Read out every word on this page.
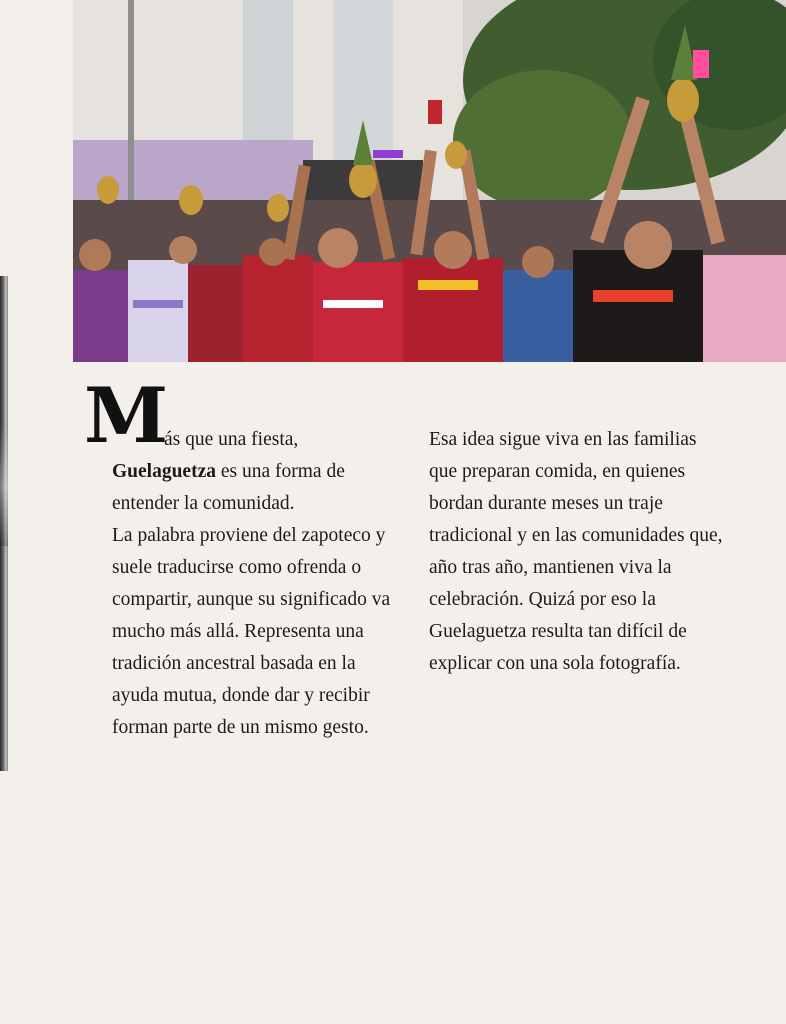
M

ás que una fiesta,
Guelaguetza es una forma de entender la comunidad.

La palabra proviene del zapoteco y suele traducirse como ofrenda o compartir, aunque su significado va mucho más allá. Representa una tradición ancestral basada en la ayuda mutua, donde dar y recibir forman parte de un mismo gesto.

Esa idea sigue viva en las familias que preparan comida, en quienes bordan durante meses un traje tradicional y en las comunidades que, año tras año, mantienen viva la celebración. Quizá por eso la Guelaguetza resulta tan difícil de explicar con una sola fotografía.
